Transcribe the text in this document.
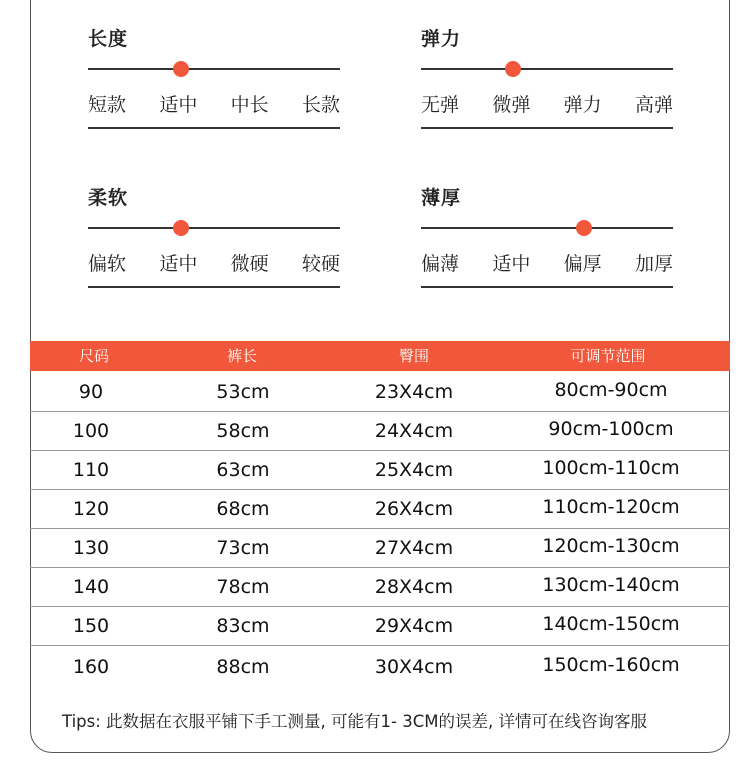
长度
短款 适中 中长 长款
弹力
无弹 微弹 弹力 高弹
柔软
偏软 适中 微硬 较硬
薄厚
偏薄 适中 偏厚 加厚
尺码	裤长	臀围	可调节范围
90	53cm	23X4cm	80cm-90cm
100	58cm	24X4cm	90cm-100cm
110	63cm	25X4cm	100cm-110cm
120	68cm	26X4cm	110cm-120cm
130	73cm	27X4cm	120cm-130cm
140	78cm	28X4cm	130cm-140cm
150	83cm	29X4cm	140cm-150cm
160	88cm	30X4cm	150cm-160cm
Tips: 此数据在衣服平铺下手工测量, 可能有1- 3CM的误差, 详情可在线咨询客服
